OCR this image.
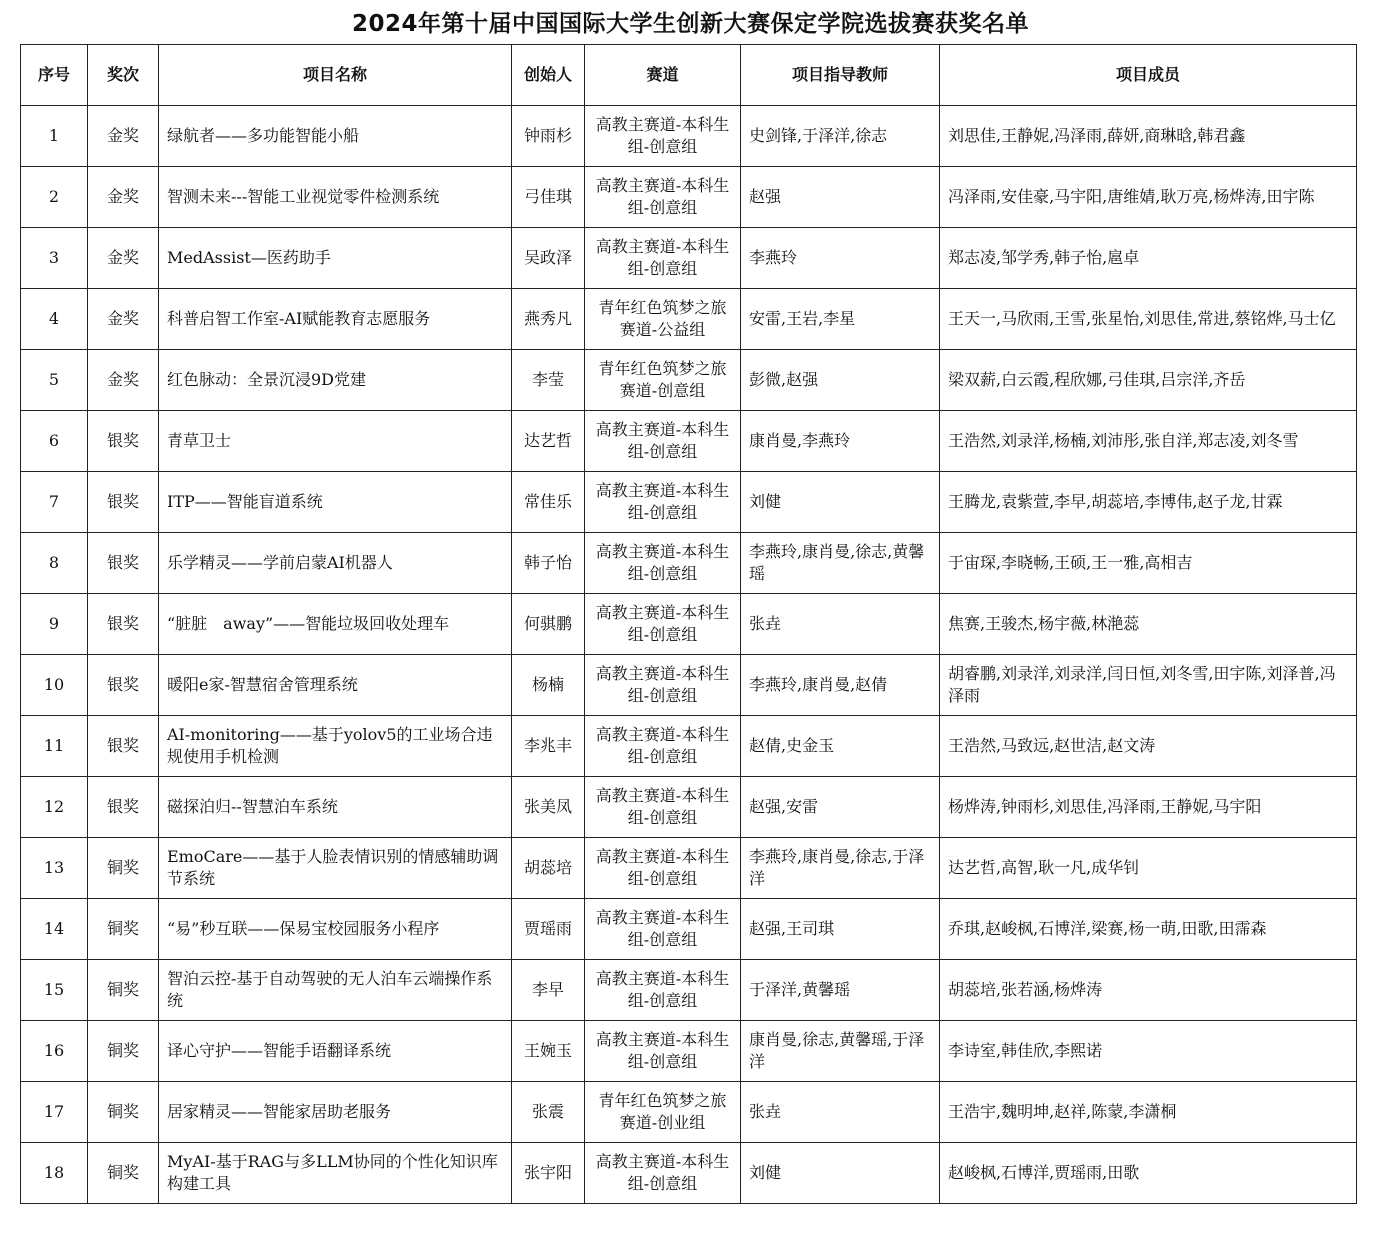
2024年第十届中国国际大学生创新大赛保定学院选拔赛获奖名单
序号	奖次	项目名称	创始人	赛道	项目指导教师	项目成员
1	金奖	绿航者——多功能智能小船	钟雨杉	高教主赛道-本科生组-创意组	史剑锋,于泽洋,徐志	刘思佳,王静妮,冯泽雨,薛妍,商琳晗,韩君鑫
2	金奖	智测未来---智能工业视觉零件检测系统	弓佳琪	高教主赛道-本科生组-创意组	赵强	冯泽雨,安佳豪,马宇阳,唐维婧,耿万亮,杨烨涛,田宇陈
3	金奖	MedAssist—医药助手	吴政泽	高教主赛道-本科生组-创意组	李燕玲	郑志凌,邹学秀,韩子怡,扈卓
4	金奖	科普启智工作室-AI赋能教育志愿服务	燕秀凡	青年红色筑梦之旅赛道-公益组	安雷,王岩,李星	王天一,马欣雨,王雪,张星怡,刘思佳,常进,蔡铭烨,马士亿
5	金奖	红色脉动：全景沉浸9D党建	李莹	青年红色筑梦之旅赛道-创意组	彭微,赵强	梁双薪,白云霞,程欣娜,弓佳琪,吕宗洋,齐岳
6	银奖	青草卫士	达艺哲	高教主赛道-本科生组-创意组	康肖曼,李燕玲	王浩然,刘录洋,杨楠,刘沛彤,张自洋,郑志凌,刘冬雪
7	银奖	ITP——智能盲道系统	常佳乐	高教主赛道-本科生组-创意组	刘健	王腾龙,袁紫萱,李早,胡蕊培,李博伟,赵子龙,甘霖
8	银奖	乐学精灵——学前启蒙AI机器人	韩子怡	高教主赛道-本科生组-创意组	李燕玲,康肖曼,徐志,黄馨瑶	于宙琛,李晓畅,王硕,王一雅,高相吉
9	银奖	“脏脏　away”——智能垃圾回收处理车	何骐鹏	高教主赛道-本科生组-创意组	张垚	焦赛,王骏杰,杨宇薇,林滟蕊
10	银奖	暖阳e家-智慧宿舍管理系统	杨楠	高教主赛道-本科生组-创意组	李燕玲,康肖曼,赵倩	胡睿鹏,刘录洋,刘录洋,闫日恒,刘冬雪,田宇陈,刘泽普,冯泽雨
11	银奖	AI-monitoring——基于yolov5的工业场合违规使用手机检测	李兆丰	高教主赛道-本科生组-创意组	赵倩,史金玉	王浩然,马致远,赵世洁,赵文涛
12	银奖	磁探泊归--智慧泊车系统	张美凤	高教主赛道-本科生组-创意组	赵强,安雷	杨烨涛,钟雨杉,刘思佳,冯泽雨,王静妮,马宇阳
13	铜奖	EmoCare——基于人脸表情识别的情感辅助调节系统	胡蕊培	高教主赛道-本科生组-创意组	李燕玲,康肖曼,徐志,于泽洋	达艺哲,高智,耿一凡,成华钊
14	铜奖	“易”秒互联——保易宝校园服务小程序	贾瑶雨	高教主赛道-本科生组-创意组	赵强,王司琪	乔琪,赵峻枫,石博洋,梁赛,杨一萌,田歌,田霈森
15	铜奖	智泊云控-基于自动驾驶的无人泊车云端操作系统	李早	高教主赛道-本科生组-创意组	于泽洋,黄馨瑶	胡蕊培,张若涵,杨烨涛
16	铜奖	译心守护——智能手语翻译系统	王婉玉	高教主赛道-本科生组-创意组	康肖曼,徐志,黄馨瑶,于泽洋	李诗室,韩佳欣,李熙诺
17	铜奖	居家精灵——智能家居助老服务	张震	青年红色筑梦之旅赛道-创业组	张垚	王浩宇,魏明坤,赵祥,陈蒙,李潇桐
18	铜奖	MyAI-基于RAG与多LLM协同的个性化知识库构建工具	张宇阳	高教主赛道-本科生组-创意组	刘健	赵峻枫,石博洋,贾瑶雨,田歌
